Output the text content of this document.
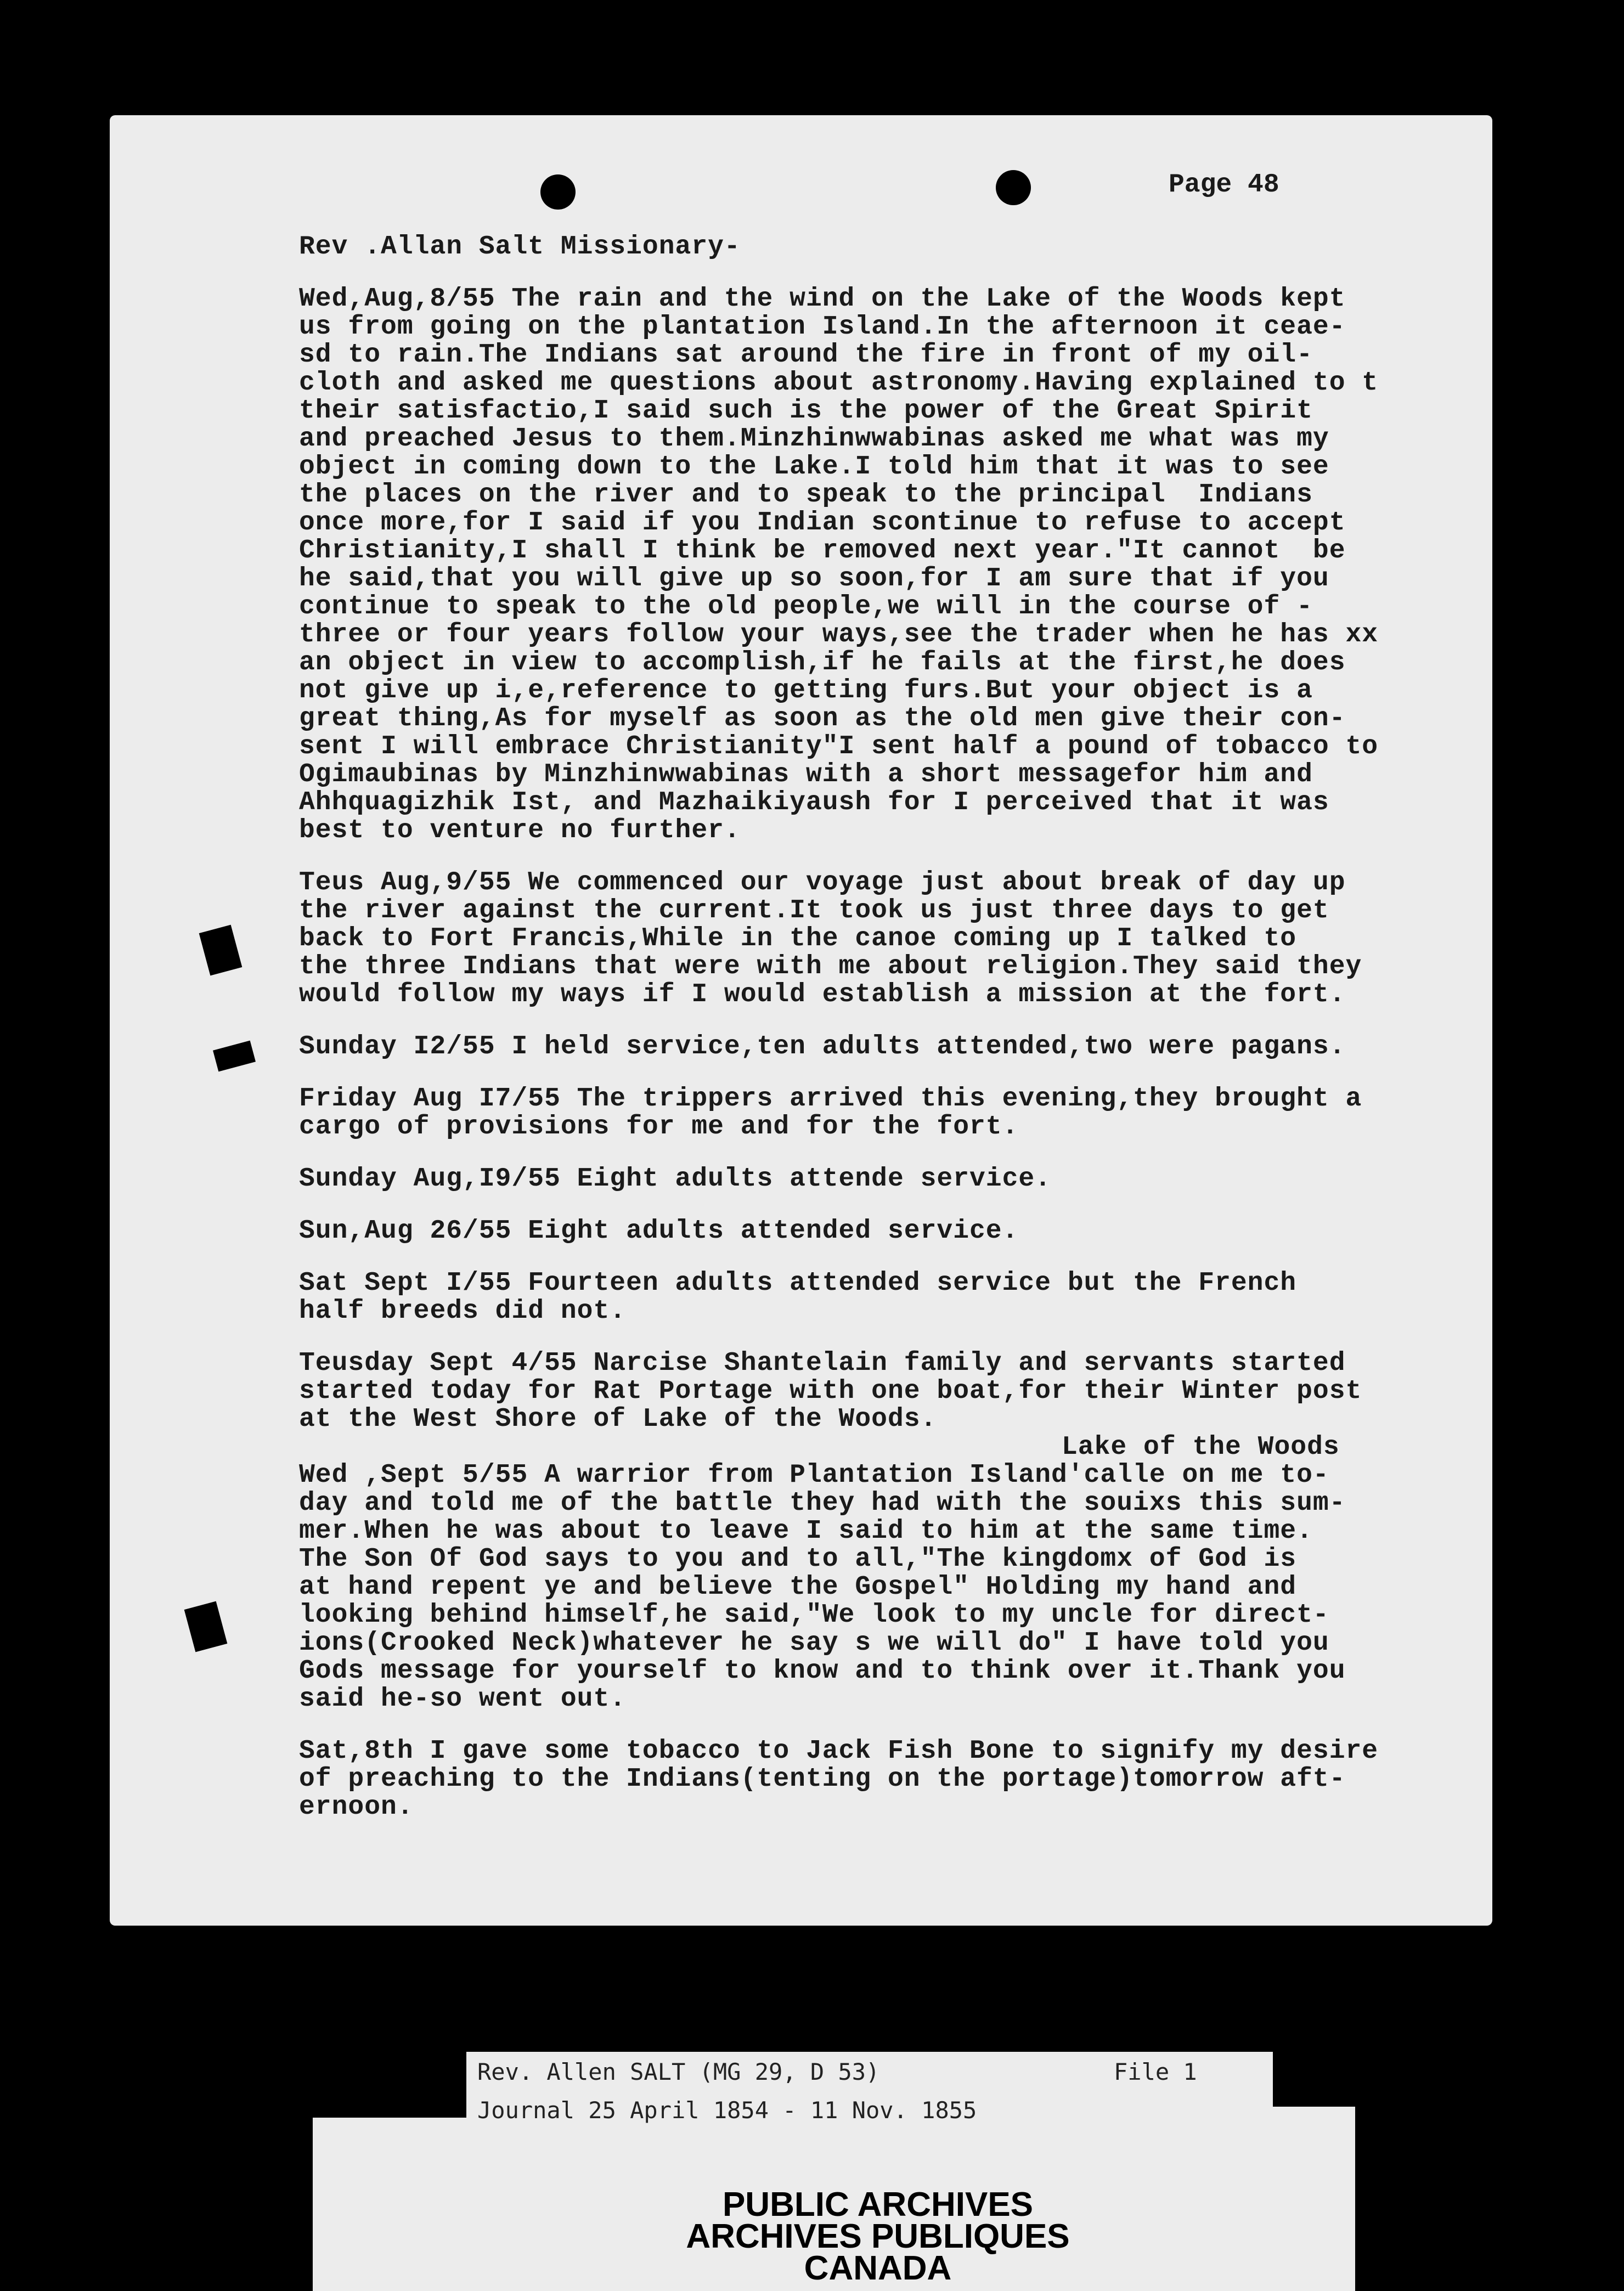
Page 48

Rev .Allan Salt Missionary-

Wed,Aug,8/55 The rain and the wind on the Lake of the Woods kept
us from going on the plantation Island.In the afternoon it ceae-
sd to rain.The Indians sat around the fire in front of my oil-
cloth and asked me questions about astronomy.Having explained to t
their satisfactio,I said such is the power of the Great Spirit
and preached Jesus to them.Minzhinwwabinas asked me what was my
object in coming down to the Lake.I told him that it was to see
the places on the river and to speak to the principal  Indians
once more,for I said if you Indian scontinue to refuse to accept
Christianity,I shall I think be removed next year."It cannot  be
he said,that you will give up so soon,for I am sure that if you
continue to speak to the old people,we will in the course of -
three or four years follow your ways,see the trader when he has xx
an object in view to accomplish,if he fails at the first,he does
not give up i,e,reference to getting furs.But your object is a
great thing,As for myself as soon as the old men give their con-
sent I will embrace Christianity"I sent half a pound of tobacco to
Ogimaubinas by Minzhinwwabinas with a short messagefor him and
Ahhquagizhik Ist, and Mazhaikiyaush for I perceived that it was
best to venture no further.

Teus Aug,9/55 We commenced our voyage just about break of day up
the river against the current.It took us just three days to get
back to Fort Francis,While in the canoe coming up I talked to
the three Indians that were with me about religion.They said they
would follow my ways if I would establish a mission at the fort.

Sunday I2/55 I held service,ten adults attended,two were pagans.

Friday Aug I7/55 The trippers arrived this evening,they brought a
cargo of provisions for me and for the fort.

Sunday Aug,I9/55 Eight adults attende service.

Sun,Aug 26/55 Eight adults attended service.

Sat Sept I/55 Fourteen adults attended service but the French
half breeds did not.

Teusday Sept 4/55 Narcise Shantelain family and servants started
started today for Rat Portage with one boat,for their Winter post
at the West Shore of Lake of the Woods.

Lake of the Woods

Wed ,Sept 5/55 A warrior from Plantation Island'calle on me to-
day and told me of the battle they had with the souixs this sum-
mer.When he was about to leave I said to him at the same time.
The Son Of God says to you and to all,"The kingdomx of God is
at hand repent ye and believe the Gospel" Holding my hand and
looking behind himself,he said,"We look to my uncle for direct-
ions(Crooked Neck)whatever he say s we will do" I have told you
Gods message for yourself to know and to think over it.Thank you
said he-so went out.

Sat,8th I gave some tobacco to Jack Fish Bone to signify my desire
of preaching to the Indians(tenting on the portage)tomorrow aft-
ernoon.

Rev. Allen SALT (MG 29, D 53)	File 1
Journal 25 April 1854 - 11 Nov. 1855
PUBLIC ARCHIVES
ARCHIVES PUBLIQUES
CANADA
